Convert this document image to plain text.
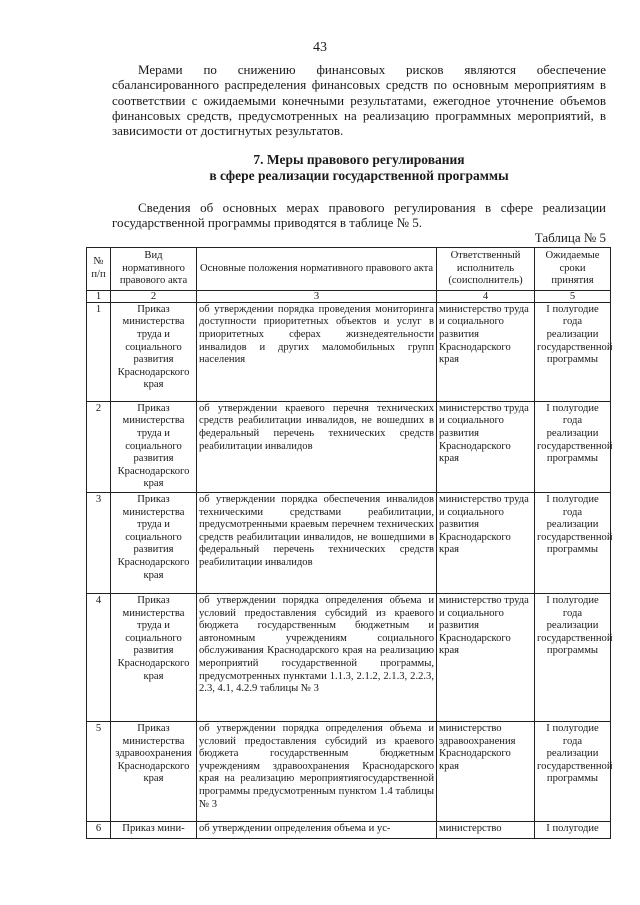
43

Мерами по снижению финансовых рисков являются обеспечение сбалансированного распределения финансовых средств по основным мероприятиям в соответствии с ожидаемыми конечными результатами, ежегодное уточнение объемов финансовых средств, предусмотренных на реализацию программных мероприятий, в зависимости от достигнутых результатов.

7. Меры правового регулирования
в сфере реализации государственной программы

Сведения об основных мерах правового регулирования в сфере реализации государственной программы приводятся в таблице № 5.

Таблица № 5
№ п/п	Вид нормативного правового акта	Основные положения нормативного правового акта	Ответственный исполнитель (соисполнитель)	Ожидаемые сроки принятия
1	2	3	4	5
1	Приказ министерства труда и социального развития Краснодарского края	об утверждении порядка проведения мониторинга доступности приоритетных объектов и услуг в приоритетных сферах жизнедеятельности инвалидов и других маломобильных групп населения	министерство труда и социального развития Краснодарского края	I полугодие года реализации государственной программы
2	Приказ министерства труда и социального развития Краснодарского края	об утверждении краевого перечня технических средств реабилитации инвалидов, не вошедших в федеральный перечень технических средств реабилитации инвалидов	министерство труда и социального развития Краснодарского края	I полугодие года реализации государственной программы
3	Приказ министерства труда и социального развития Краснодарского края	об утверждении порядка обеспечения инвалидов техническими средствами реабилитации, предусмотренными краевым перечнем технических средств реабилитации инвалидов, не вошедшими в федеральный перечень технических средств реабилитации инвалидов	министерство труда и социального развития Краснодарского края	I полугодие года реализации государственной программы
4	Приказ министерства труда и социального развития Краснодарского края	об утверждении порядка определения объема и условий предоставления субсидий из краевого бюджета государственным бюджетным и автономным учреждениям социального обслуживания Краснодарского края на реализацию мероприятий государственной программы, предусмотренных пунктами 1.1.3, 2.1.2, 2.1.3, 2.2.3, 2.3, 4.1, 4.2.9 таблицы № 3	министерство труда и социального развития Краснодарского края	I полугодие года реализации государственной программы
5	Приказ министерства здравоохранения Краснодарского края	об утверждении порядка определения объема и условий предоставления субсидий из краевого бюджета государственным бюджетным учреждениям здравоохранения Краснодарского края на реализацию мероприятиягосударственной программы предусмотренным пунктом 1.4 таблицы № 3	министерство здравоохранения Краснодарского края	I полугодие года реализации государственной программы
6	Приказ мини-	об утверждении определения объема и ус-	министерство	I полугодие
